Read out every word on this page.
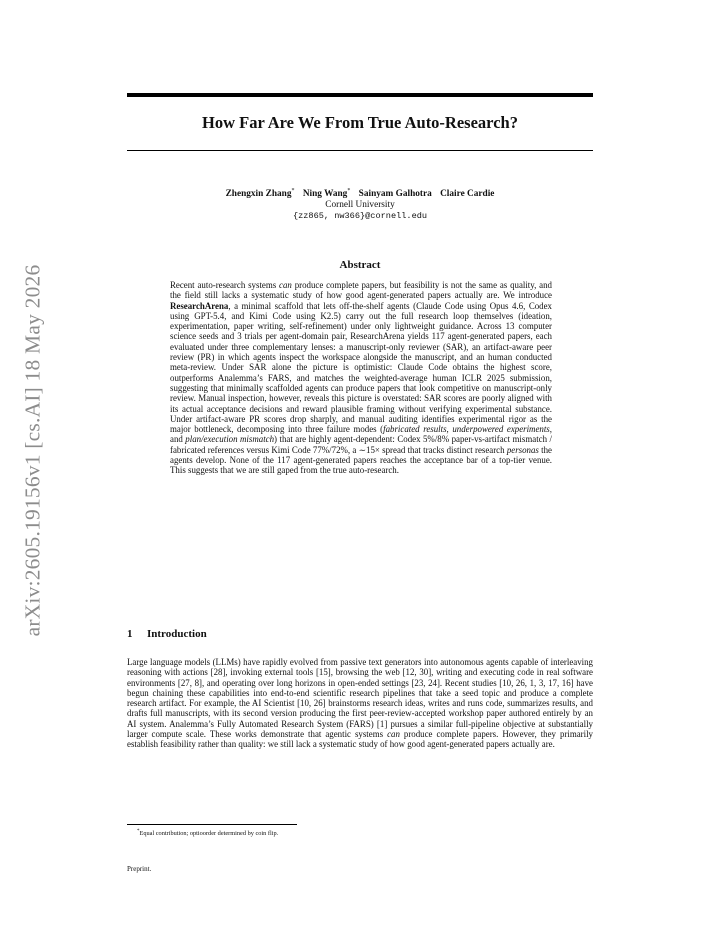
arXiv:2605.19156v1 [cs.AI] 18 May 2026
How Far Are We From True Auto-Research?
Zhengxin Zhang* Ning Wang* Sainyam Galhotra Claire Cardie
Cornell University
{zz865, nw366}@cornell.edu
Abstract

Recent auto-research systems can produce complete papers, but feasibility is not the same as quality, and the field still lacks a systematic study of how good agent-generated papers actually are. We introduce ResearchArena, a minimal scaffold that lets off-the-shelf agents (Claude Code using Opus 4.6, Codex using GPT-5.4, and Kimi Code using K2.5) carry out the full research loop themselves (ideation, experimentation, paper writing, self-refinement) under only lightweight guidance. Across 13 computer science seeds and 3 trials per agent-domain pair, ResearchArena yields 117 agent-generated papers, each evaluated under three complementary lenses: a manuscript-only reviewer (SAR), an artifact-aware peer review (PR) in which agents inspect the workspace alongside the manuscript, and an human conducted meta-review. Under SAR alone the picture is optimistic: Claude Code obtains the highest score, outperforms Analemma’s FARS, and matches the weighted-average human ICLR 2025 submission, suggesting that minimally scaffolded agents can produce papers that look competitive on manuscript-only review. Manual inspection, however, reveals this picture is overstated: SAR scores are poorly aligned with its actual acceptance decisions and reward plausible framing without verifying experimental substance. Under artifact-aware PR scores drop sharply, and manual auditing identifies experimental rigor as the major bottleneck, decomposing into three failure modes (fabricated results, underpowered experiments, and plan/execution mismatch) that are highly agent-dependent: Codex 5%/8% paper-vs-artifact mismatch / fabricated references versus Kimi Code 77%/72%, a ∼15× spread that tracks distinct research personas the agents develop. None of the 117 agent-generated papers reaches the acceptance bar of a top-tier venue. This suggests that we are still gaped from the true auto-research.

1 Introduction

Large language models (LLMs) have rapidly evolved from passive text generators into autonomous agents capable of interleaving reasoning with actions [28], invoking external tools [15], browsing the web [12, 30], writing and executing code in real software environments [27, 8], and operating over long horizons in open-ended settings [23, 24]. Recent studies [10, 26, 1, 3, 17, 16] have begun chaining these capabilities into end-to-end scientific research pipelines that take a seed topic and produce a complete research artifact. For example, the AI Scientist [10, 26] brainstorms research ideas, writes and runs code, summarizes results, and drafts full manuscripts, with its second version producing the first peer-review-accepted workshop paper authored entirely by an AI system. Analemma’s Fully Automated Research System (FARS) [1] pursues a similar full-pipeline objective at substantially larger compute scale. These works demonstrate that agentic systems can produce complete papers. However, they primarily establish feasibility rather than quality: we still lack a systematic study of how good agent-generated papers actually are.

*Equal contribution; optioorder determined by coin flip.

Preprint.
